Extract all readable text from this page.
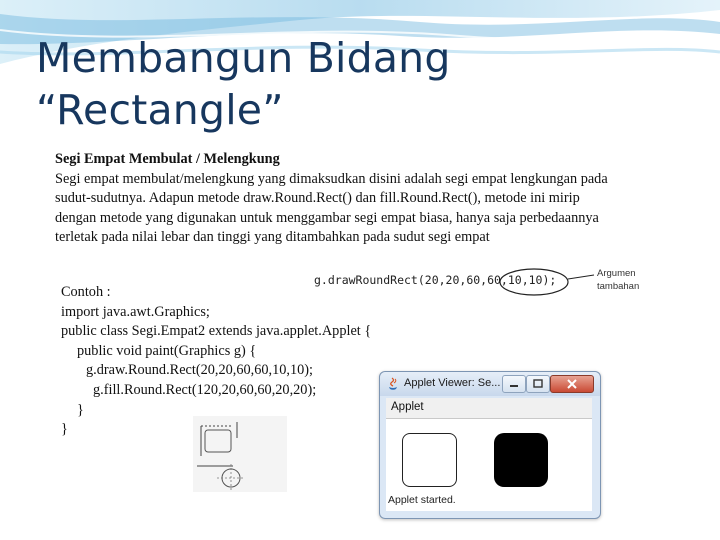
Membangun Bidang
“Rectangle”
Segi Empat Membulat / Melengkung

Segi empat membulat/melengkung yang dimaksudkan disini adalah segi empat lengkungan pada sudut-sudutnya. Adapun metode draw.Round.Rect() dan fill.Round.Rect(), metode ini mirip dengan metode yang digunakan untuk menggambar segi empat biasa, hanya saja perbedaannya terletak pada nilai lebar dan tinggi yang ditambahkan pada sudut segi empat

g.drawRoundRect(20,20,60,60,10,10);	Argumen
tambahan
Contoh :
import java.awt.Graphics;
public class Segi.Empat2 extends java.applet.Applet {
public void paint(Graphics g) {
g.draw.Round.Rect(20,20,60,60,10,10);
g.fill.Round.Rect(120,20,60,60,20,20);
}
}
Applet Viewer: Se...
Applet
Applet started.
